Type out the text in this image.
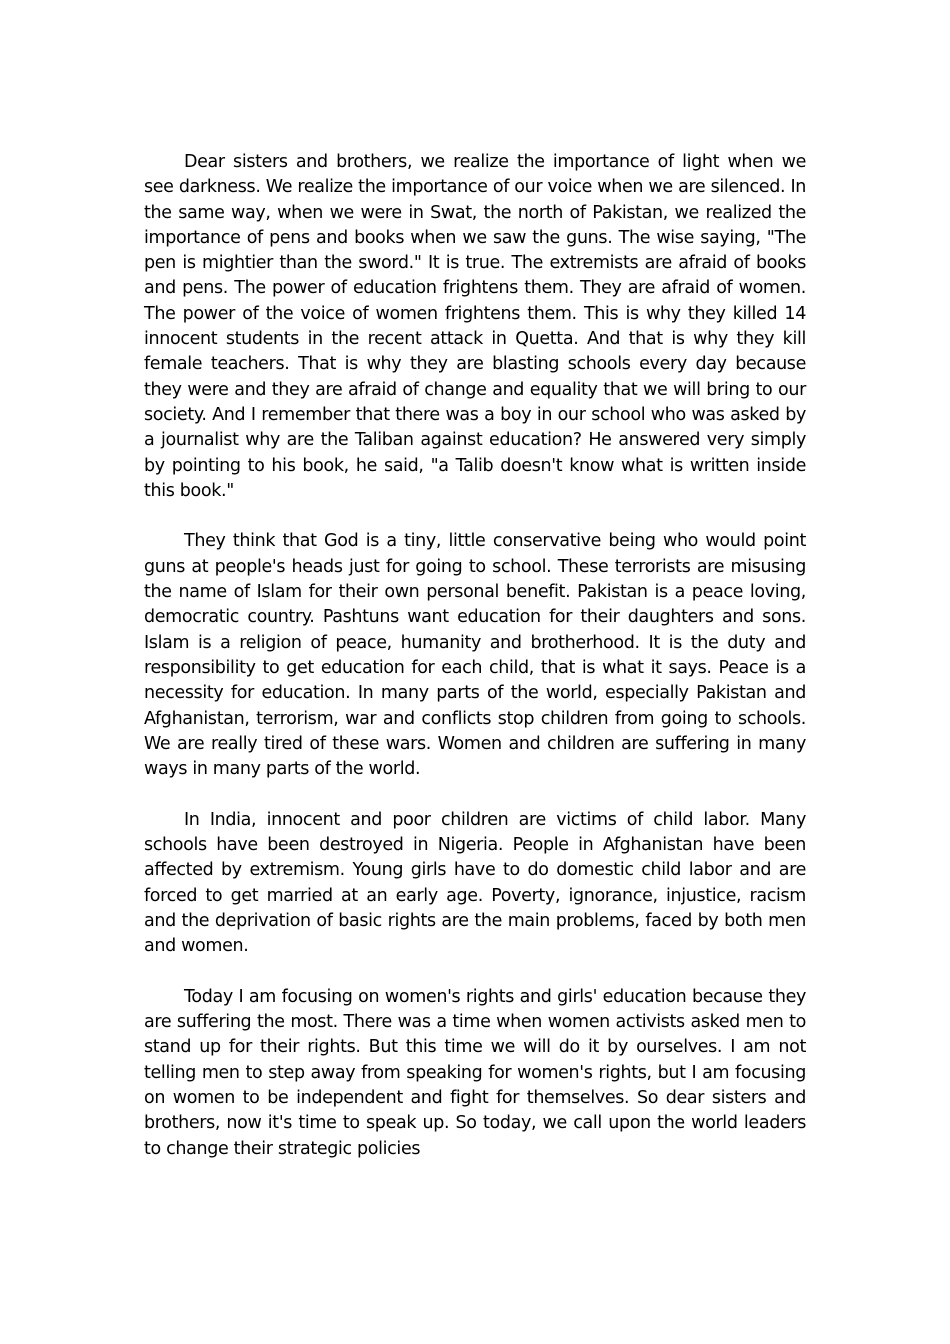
Dear sisters and brothers, we realize the importance of light when we see darkness. We realize the importance of our voice when we are silenced. In the same way, when we were in Swat, the north of Pakistan, we realized the importance of pens and books when we saw the guns. The wise saying, "The pen is mightier than the sword." It is true. The extremists are afraid of books and pens. The power of education frightens them. They are afraid of women. The power of the voice of women frightens them. This is why they killed 14 innocent students in the recent attack in Quetta. And that is why they kill female teachers. That is why they are blasting schools every day because they were and they are afraid of change and equality that we will bring to our society. And I remember that there was a boy in our school who was asked by a journalist why are the Taliban against education? He answered very simply by pointing to his book, he said, "a Talib doesn't know what is written inside this book."

They think that God is a tiny, little conservative being who would point guns at people's heads just for going to school. These terrorists are misusing the name of Islam for their own personal benefit. Pakistan is a peace loving, democratic country. Pashtuns want education for their daughters and sons. Islam is a religion of peace, humanity and brotherhood. It is the duty and responsibility to get education for each child, that is what it says. Peace is a necessity for education. In many parts of the world, especially Pakistan and Afghanistan, terrorism, war and conflicts stop children from going to schools. We are really tired of these wars. Women and children are suffering in many ways in many parts of the world.

In India, innocent and poor children are victims of child labor. Many schools have been destroyed in Nigeria. People in Afghanistan have been affected by extremism. Young girls have to do domestic child labor and are forced to get married at an early age. Poverty, ignorance, injustice, racism and the deprivation of basic rights are the main problems, faced by both men and women.

Today I am focusing on women's rights and girls' education because they are suffering the most. There was a time when women activists asked men to stand up for their rights. But this time we will do it by ourselves. I am not telling men to step away from speaking for women's rights, but I am focusing on women to be independent and fight for themselves. So dear sisters and brothers, now it's time to speak up. So today, we call upon the world leaders to change their strategic policies
